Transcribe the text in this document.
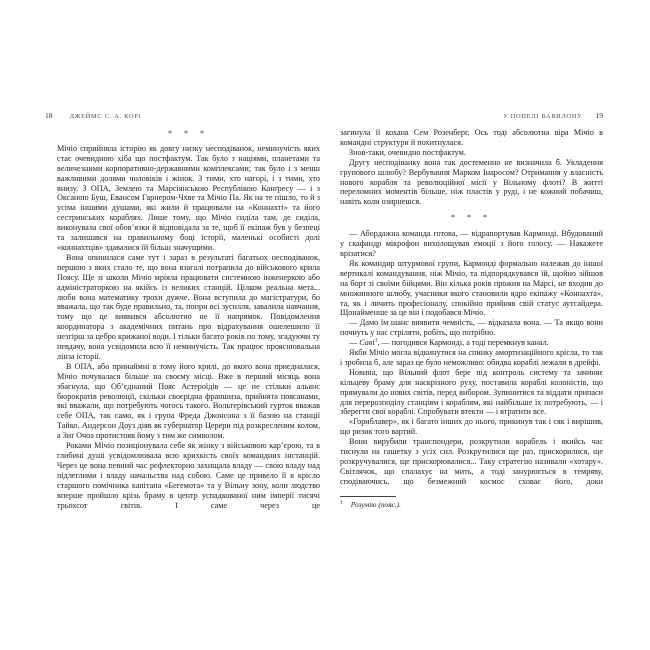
18	ДЖЕЙМС С. А. КОРІ	У ПОПЕЛІ ВАВИЛОНУ 19
* * *

Мічіо сприйняла історію як довгу низку несподіванок, неминучість яких стає очевидною хіба що постфактум. Так було з націями, планетами та величезними корпоративно-державними комплексами; так було і з менш важливими долями чоловіків і жінок. З тими, хто нагорі, і з тими, хто внизу. З ОПА, Землею та Марсіянською Республікою Конґресу — і з Оксаною Буш, Евансом Гарнером-Чхве та Мічіо Па. Як на те пішло, то й з усіма іншими душами, які жили й працювали на «Коннахті» та його сестринських кораблях. Лише тому, що Мічіо сиділа там, де сиділа, виконувала свої обов’язки й відповідала за те, щоб її екіпаж був у безпеці та залишався на правильному боці історії, маленькі особисті долі «коннахтців» здавалися їй більш значущими.

Вона опинилася саме тут і зараз в результаті багатьох несподіванок, першою з яких стало те, що вона взагалі потрапила до військового крила Поясу. Ще зі школи Мічіо мріяла працювати системною інженеркою або адміністраторкою на якійсь із великих станцій. Цілком реальна мета... люби вона математику трохи дужче. Вона вступила до магістратури, бо вважала, що так буде правильно, та, попри всі зусилля, завалила навчання, тому що це виявився абсолютно не її напрямок. Повідомлення координатора з академічних питань про відрахування ошелешило її незгірш за цебро крижаної води. І тільки багато років по тому, згадуючи ту невдачу, вона усвідомила всю її неминучість. Так працює прояснювальна лінза історії.

В ОПА, або принаймні в тому його крилі, до якого вона приєдналася, Мічіо почувалася більше на своєму місці. Вже в перший місяць вона збагнула, що Об’єднаний Пояс Астероїдів — це не стільки альянс бюрократів революції, скільки своєрідна франшиза, прийнята поясанами, які вважали, що потребують чогось такого. Вольтерівський гурток вважав себе ОПА, так само, як і група Фреда Джонсона з її базою на станції Тайко. Андерсон Доуз діяв як губернатор Церери під розкресленим колом, а Зиґ Очоа протистояв йому з тим же символом.

Роками Мічіо позиціонувала себе як жінку з військовою кар’єрою, та в глибині душі усвідомлювала всю крихкість своїх командних інстанцій. Через це вона певний час рефлекторно захищала владу — свою владу над підлеглими і владу начальства над собою. Саме це привело її в крісло старшого помічника капітана «Бегемота» та у Вільну зону, коли людство вперше пройшло крізь браму в центр успадкованої ним імперії тисячі трьохсот світів. І саме через це

загинула її кохана Сем Розенберг. Ось тоді абсолютна віра Мічіо в командні структури й похитнулася.

Знов-таки, очевидно постфактум.

Другу несподіванку вона так достеменно не визначила б. Укладення групового шлюбу? Вербування Марком Інаросом? Отримання у власність нового корабля та революційної місії у Вільному флоті? В житті переломних моментів більше, ніж пластів у руді, і не кожний побачиш, навіть коли озирнешся.

* * *

— Абордажна команда готова, — відрапортував Кармонді. Вбудований у скафандр мікрофон вихолощував емоції з його голосу. — Накажете врізатися?

Як командир штурмової групи, Кармонді формально належав до іншої вертикалі командування, ніж Мічіо, та підпорядкувався їй, щойно зійшов на борт зі своїми бійцями. Він кілька років прожив на Марсі, не входив до множинного шлюбу, учасники якого становили ядро екіпажу «Коннахта», та, як і личить професіоналу, спокійно прийняв свій статус аутсайдера. Щонайменше за це він і подобався Мічіо.

— Дамо їм шанс виявити чемність, — відказала вона. — Та якщо вони почнуть у нас стріляти, робіть, що потрібно.

— Саві$^1$, — погодився Кармонді, а тоді перемкнув канал.

Якби Мічіо могла відкинутися на спинку амортизаційного крісла, то так і зробила б, але зараз це було неможливо: обидва кораблі лежали в дрейфі.

Новина, що Вільний флот бере під контроль систему та зачиняє кільцеву браму для наскрізного руху, поставила кораблі колоністів, що прямували до нових світів, перед вибором. Зупинитися та віддати припаси для перерозподілу станціям і кораблям, які найбільше їх потребують, — і зберегти свої кораблі. Спробувати втекти — і втратити все.

«Гориблавер», як і багато інших до нього, прикинув так і сяк і вирішив, що ризик того вартий.

Вони вирубили транспондери, розкрутили корабель і якийсь час тиснули на гашетку з усіх сил. Розкрутилися ще раз, прискорилися, ще розкручувалися, ще прискорювалися... Таку стратегію називали «хотару». Світлячок, що спалахує на мить, а тоді занурюється в темряву, сподіваючись, що безмежний космос сховає його, доки

$^1$ Розумію (пояс.).
